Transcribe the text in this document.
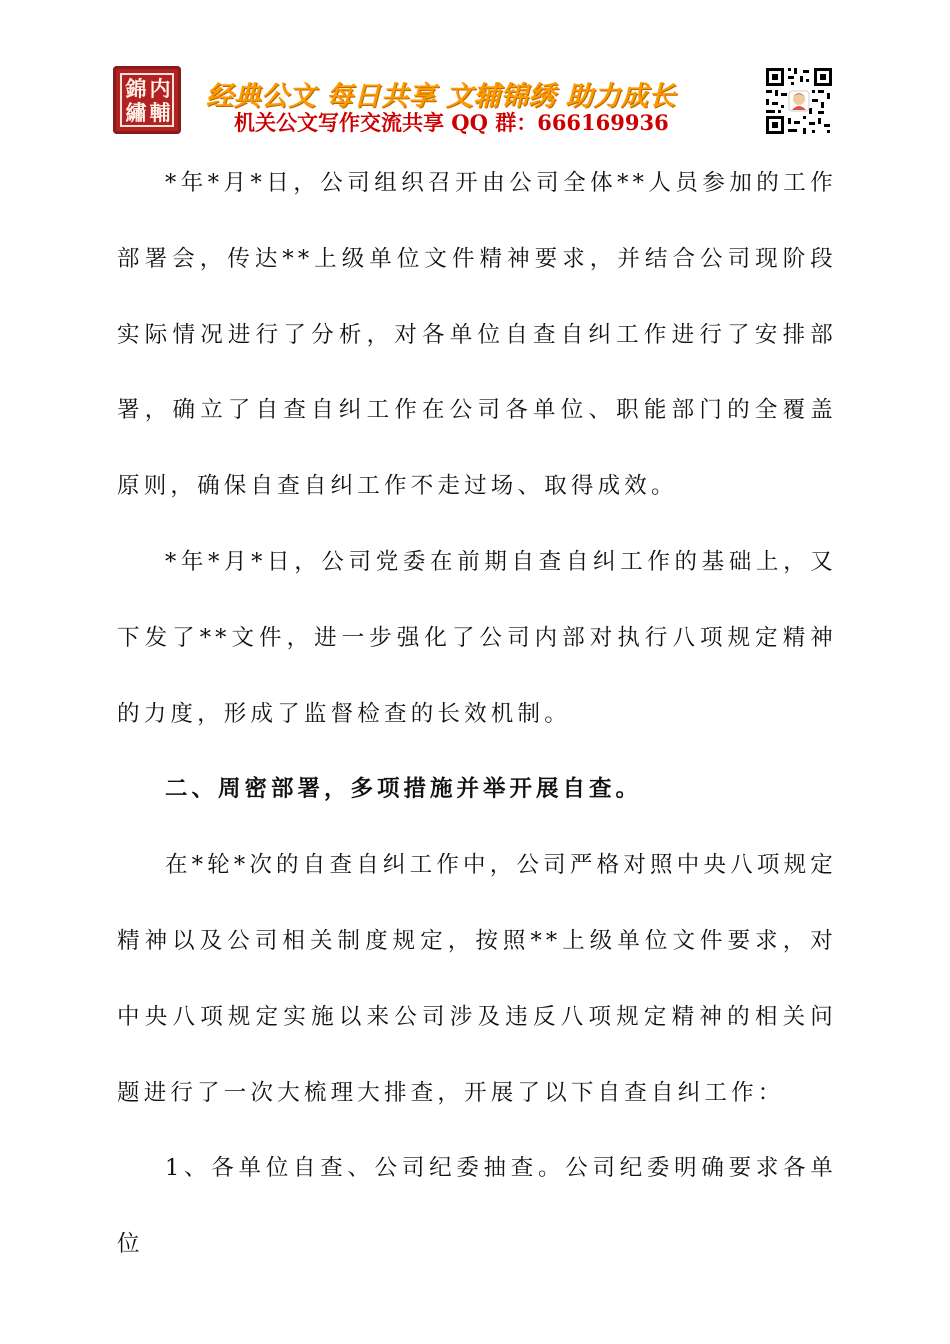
錦 内
繡 輔
经典公文 每日共享 文辅锦绣 助力成长
机关公文写作交流共享 QQ 群：666169936

*年*月*日，公司组织召开由公司全体**人员参加的工作部署会，传达**上级单位文件精神要求，并结合公司现阶段实际情况进行了分析，对各单位自查自纠工作进行了安排部署，确立了自查自纠工作在公司各单位、职能部门的全覆盖原则，确保自查自纠工作不走过场、取得成效。

*年*月*日，公司党委在前期自查自纠工作的基础上，又下发了**文件，进一步强化了公司内部对执行八项规定精神的力度，形成了监督检查的长效机制。

二、周密部署，多项措施并举开展自查。

在*轮*次的自查自纠工作中，公司严格对照中央八项规定精神以及公司相关制度规定，按照**上级单位文件要求，对中央八项规定实施以来公司涉及违反八项规定精神的相关问题进行了一次大梳理大排查，开展了以下自查自纠工作：

1、各单位自查、公司纪委抽查。公司纪委明确要求各单位
